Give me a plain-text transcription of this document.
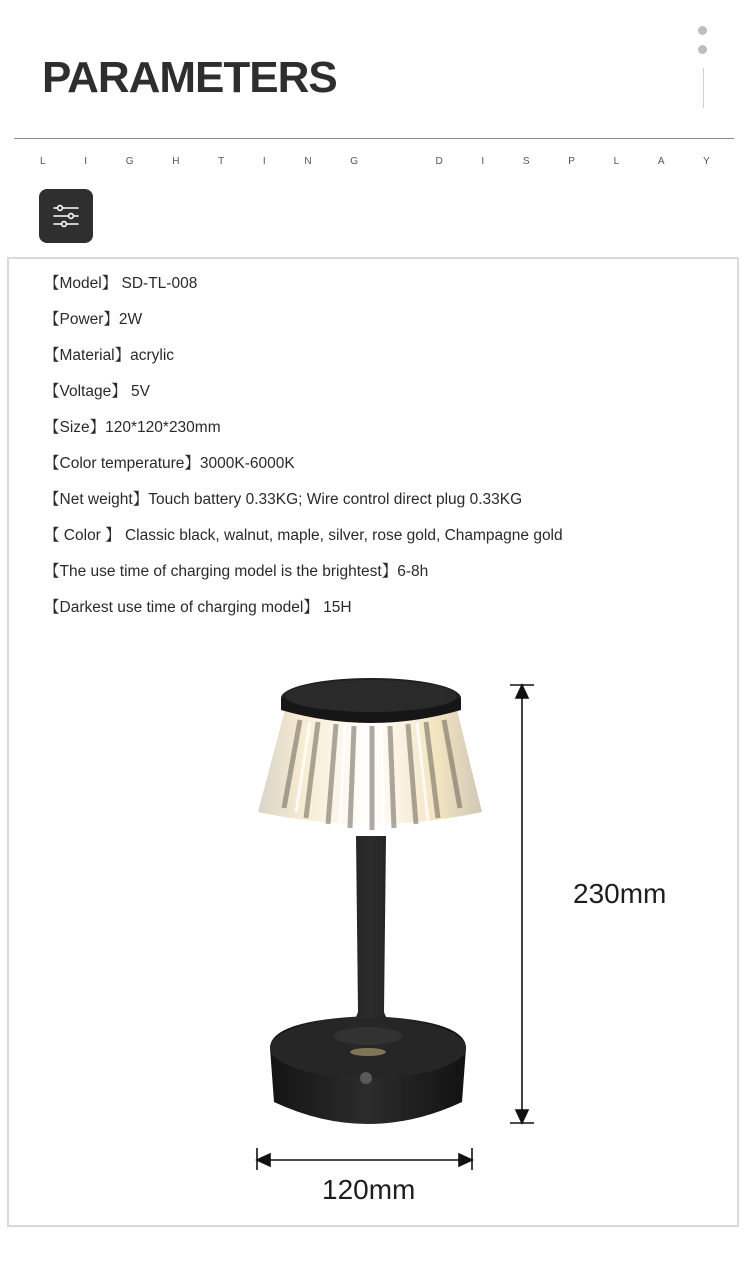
PARAMETERS
L	I	G	H	T	I	N	G	D	I	S	P	L	A	Y
【Model】 SD-TL-008
【Power】2W
【Material】acrylic
【Voltage】 5V
【Size】120*120*230mm
【Color temperature】3000K-6000K
【Net weight】Touch battery 0.33KG; Wire control direct plug 0.33KG
【 Color 】 Classic black, walnut, maple, silver, rose gold, Champagne gold
【The use time of charging model is the brightest】6-8h
【Darkest use time of charging model】 15H
230mm
120mm
